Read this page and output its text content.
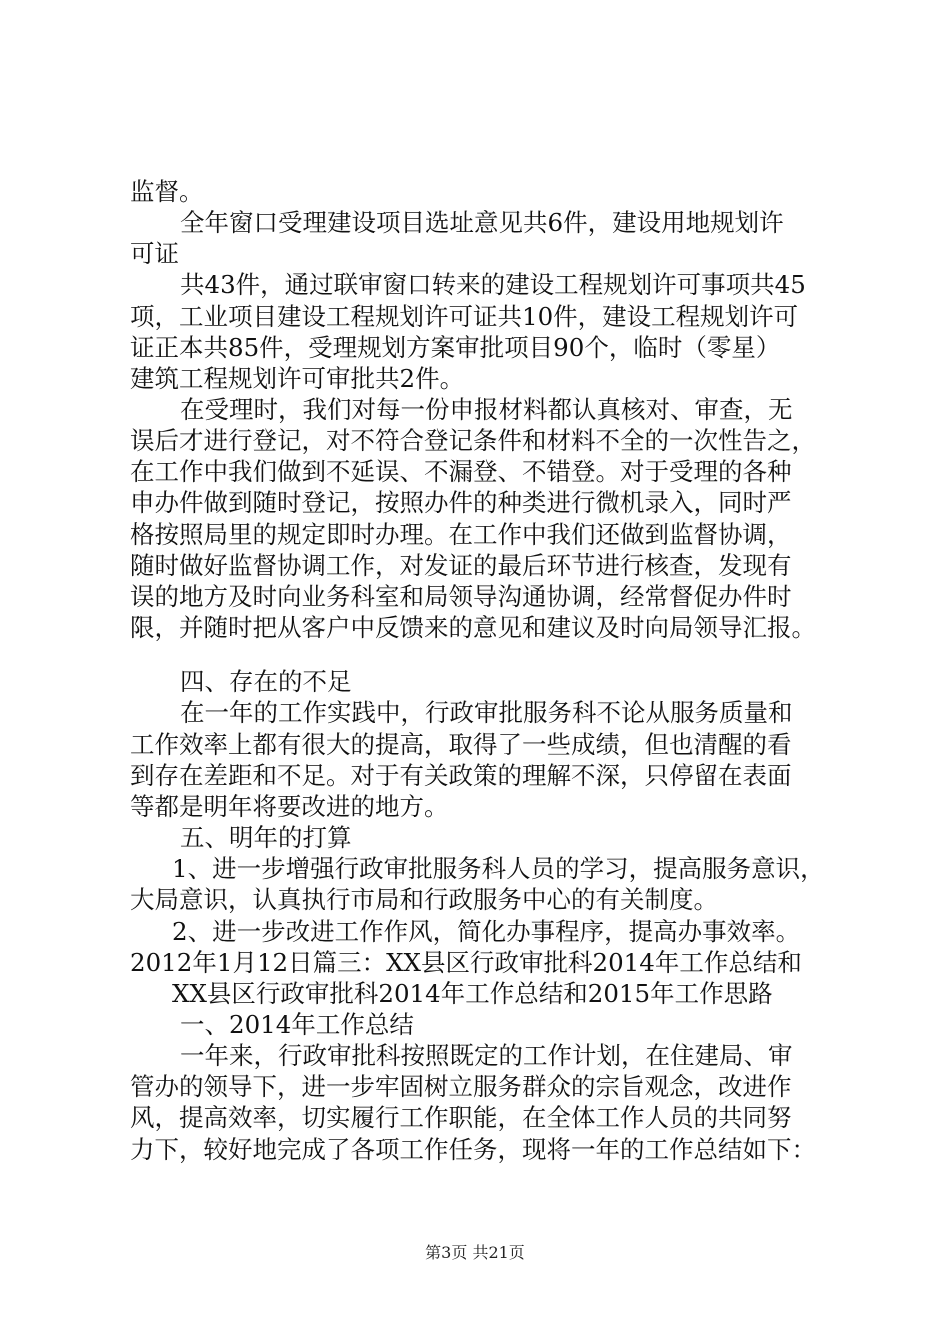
监督。
全年窗口受理建设项目选址意见共6件，建设用地规划许
可证
共43件，通过联审窗口转来的建设工程规划许可事项共45
项，工业项目建设工程规划许可证共10件，建设工程规划许可
证正本共85件，受理规划方案审批项目90个，临时（零星）
建筑工程规划许可审批共2件。
在受理时，我们对每一份申报材料都认真核对、审查，无
误后才进行登记，对不符合登记条件和材料不全的一次性告之，
在工作中我们做到不延误、不漏登、不错登。对于受理的各种
申办件做到随时登记，按照办件的种类进行微机录入，同时严
格按照局里的规定即时办理。在工作中我们还做到监督协调，
随时做好监督协调工作，对发证的最后环节进行核查，发现有
误的地方及时向业务科室和局领导沟通协调，经常督促办件时
限，并随时把从客户中反馈来的意见和建议及时向局领导汇报。
四、存在的不足
在一年的工作实践中，行政审批服务科不论从服务质量和
工作效率上都有很大的提高，取得了一些成绩，但也清醒的看
到存在差距和不足。对于有关政策的理解不深，只停留在表面
等都是明年将要改进的地方。
五、明年的打算
1、进一步增强行政审批服务科人员的学习，提高服务意识，
大局意识，认真执行市局和行政服务中心的有关制度。
2、进一步改进工作作风，简化办事程序，提高办事效率。
2012年1月12日篇三：XX县区行政审批科2014年工作总结和
XX县区行政审批科2014年工作总结和2015年工作思路
一、2014年工作总结
一年来，行政审批科按照既定的工作计划，在住建局、审
管办的领导下，进一步牢固树立服务群众的宗旨观念，改进作
风，提高效率，切实履行工作职能，在全体工作人员的共同努
力下，较好地完成了各项工作任务，现将一年的工作总结如下：
第3页 共21页
